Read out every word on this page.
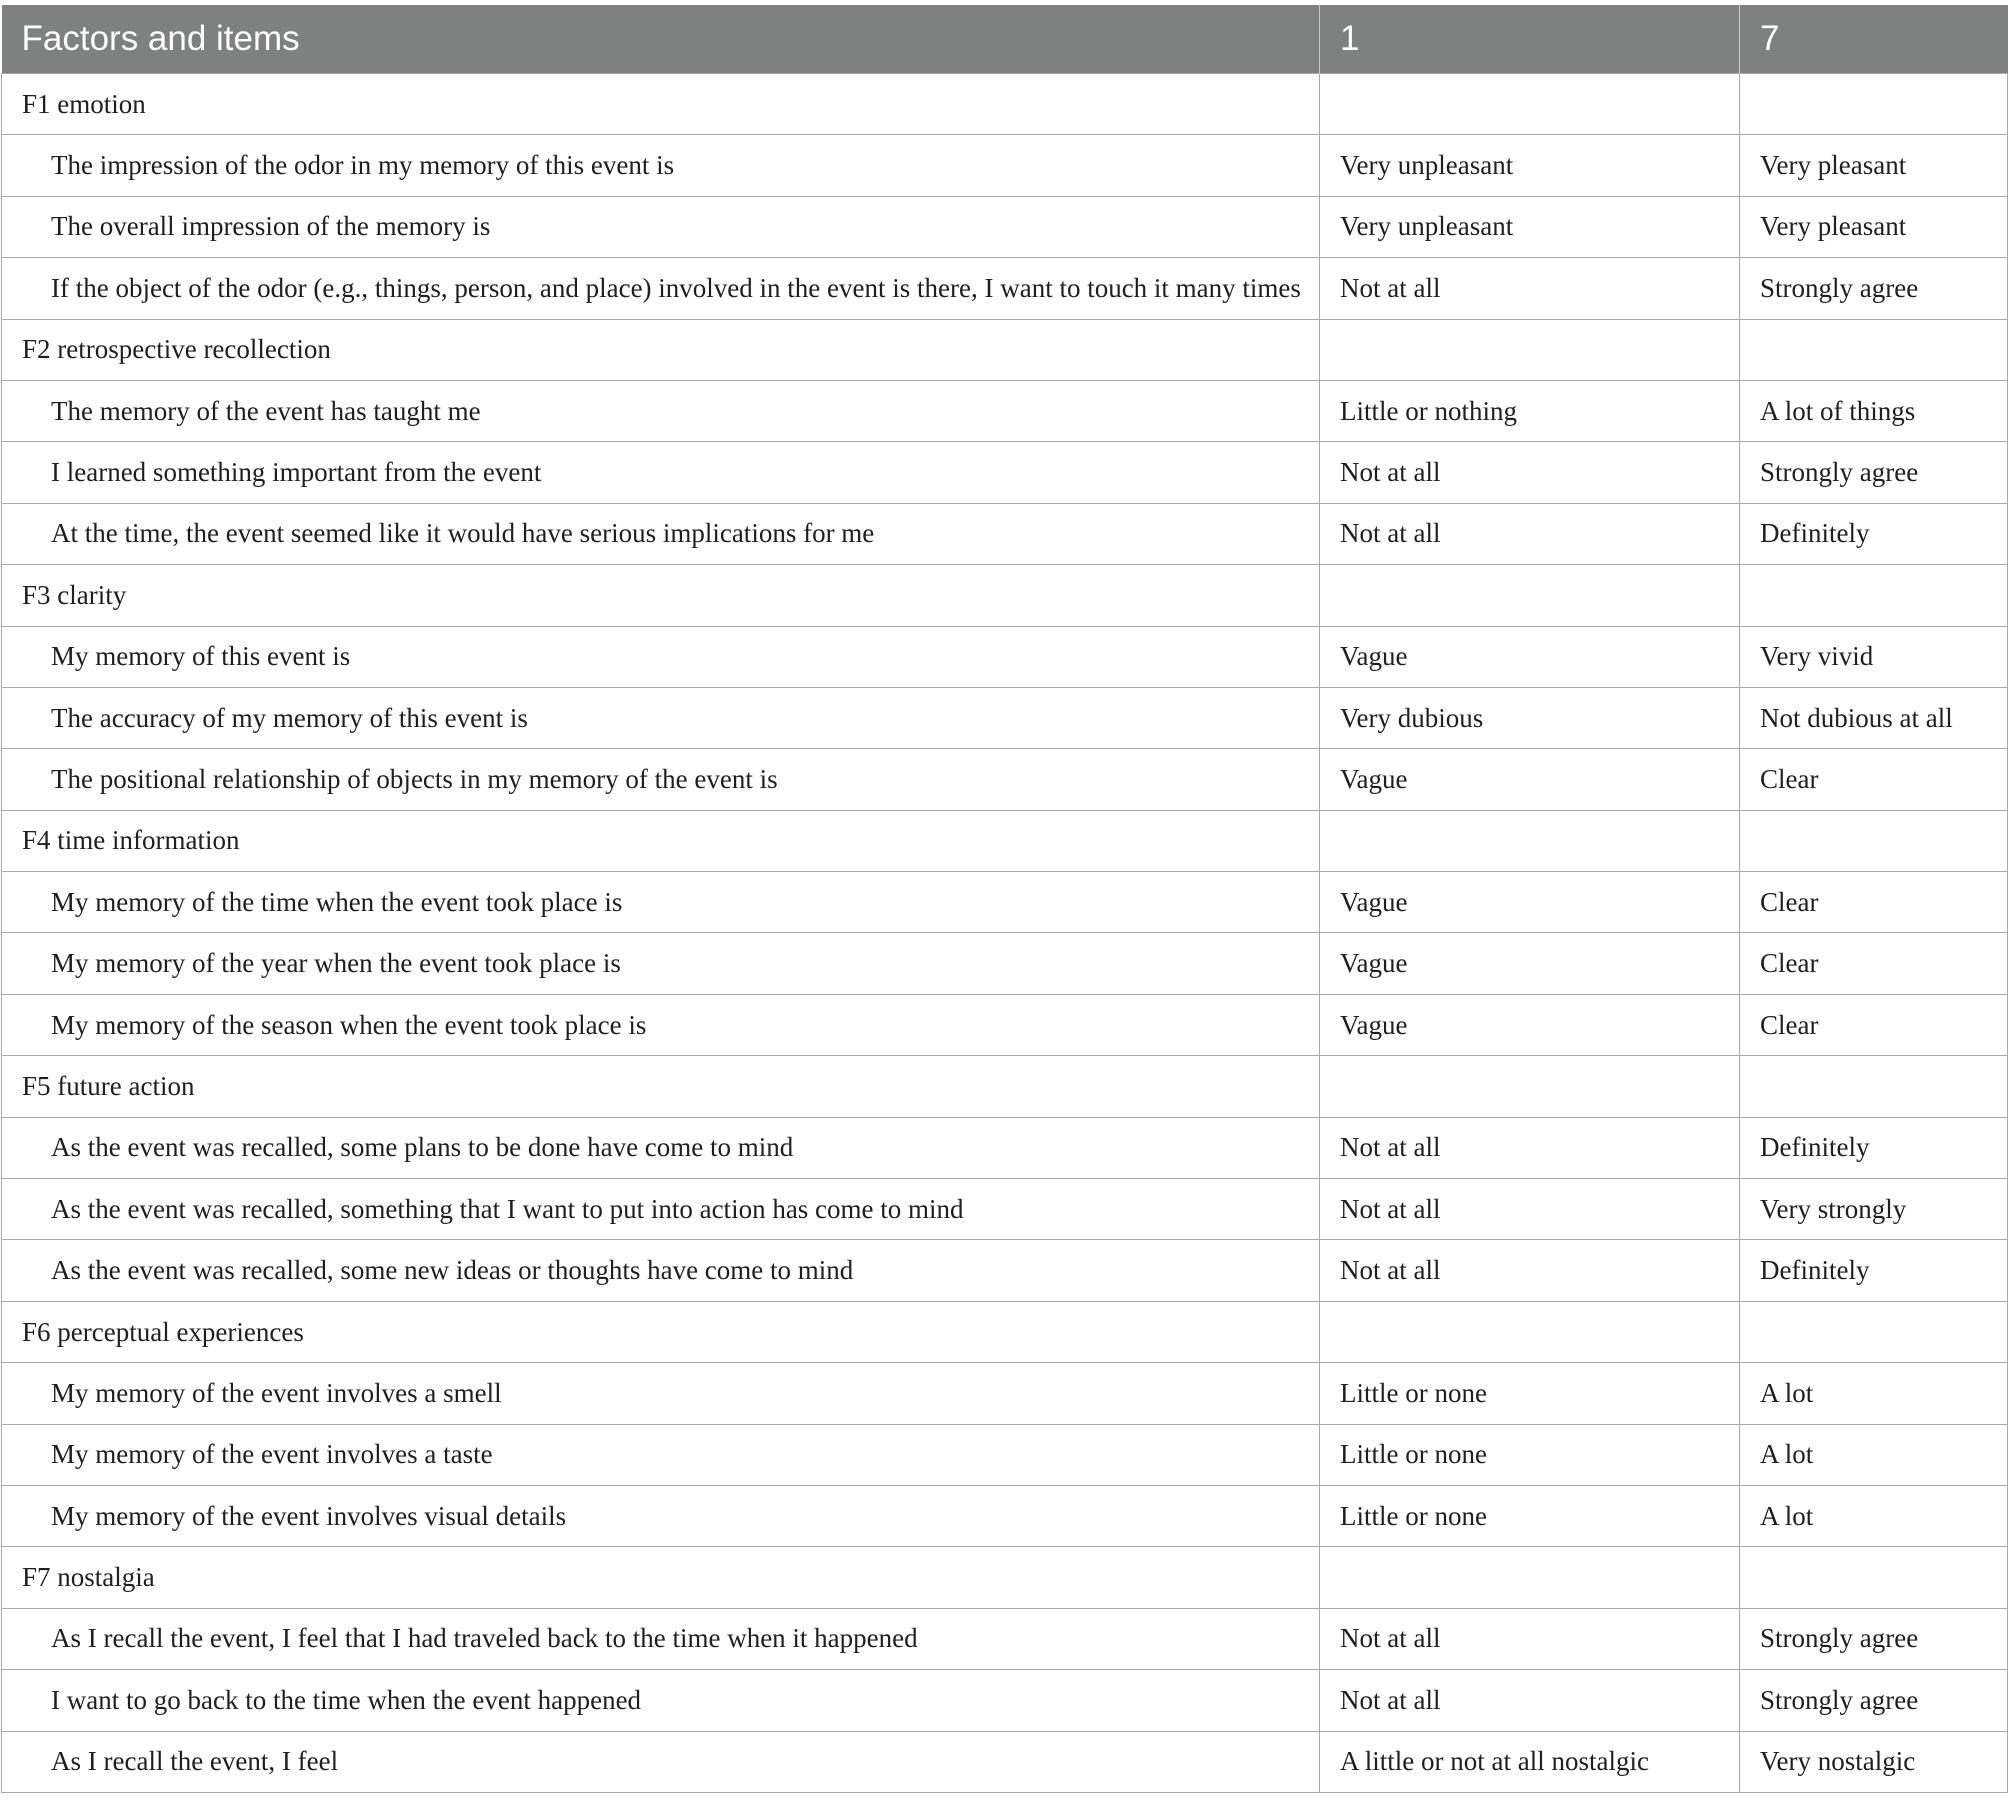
Factors and items	1	7
F1 emotion		
The impression of the odor in my memory of this event is	Very unpleasant	Very pleasant
The overall impression of the memory is	Very unpleasant	Very pleasant
If the object of the odor (e.g., things, person, and place) involved in the event is there, I want to touch it many times	Not at all	Strongly agree
F2 retrospective recollection		
The memory of the event has taught me	Little or nothing	A lot of things
I learned something important from the event	Not at all	Strongly agree
At the time, the event seemed like it would have serious implications for me	Not at all	Definitely
F3 clarity		
My memory of this event is	Vague	Very vivid
The accuracy of my memory of this event is	Very dubious	Not dubious at all
The positional relationship of objects in my memory of the event is	Vague	Clear
F4 time information		
My memory of the time when the event took place is	Vague	Clear
My memory of the year when the event took place is	Vague	Clear
My memory of the season when the event took place is	Vague	Clear
F5 future action		
As the event was recalled, some plans to be done have come to mind	Not at all	Definitely
As the event was recalled, something that I want to put into action has come to mind	Not at all	Very strongly
As the event was recalled, some new ideas or thoughts have come to mind	Not at all	Definitely
F6 perceptual experiences		
My memory of the event involves a smell	Little or none	A lot
My memory of the event involves a taste	Little or none	A lot
My memory of the event involves visual details	Little or none	A lot
F7 nostalgia		
As I recall the event, I feel that I had traveled back to the time when it happened	Not at all	Strongly agree
I want to go back to the time when the event happened	Not at all	Strongly agree
As I recall the event, I feel	A little or not at all nostalgic	Very nostalgic
